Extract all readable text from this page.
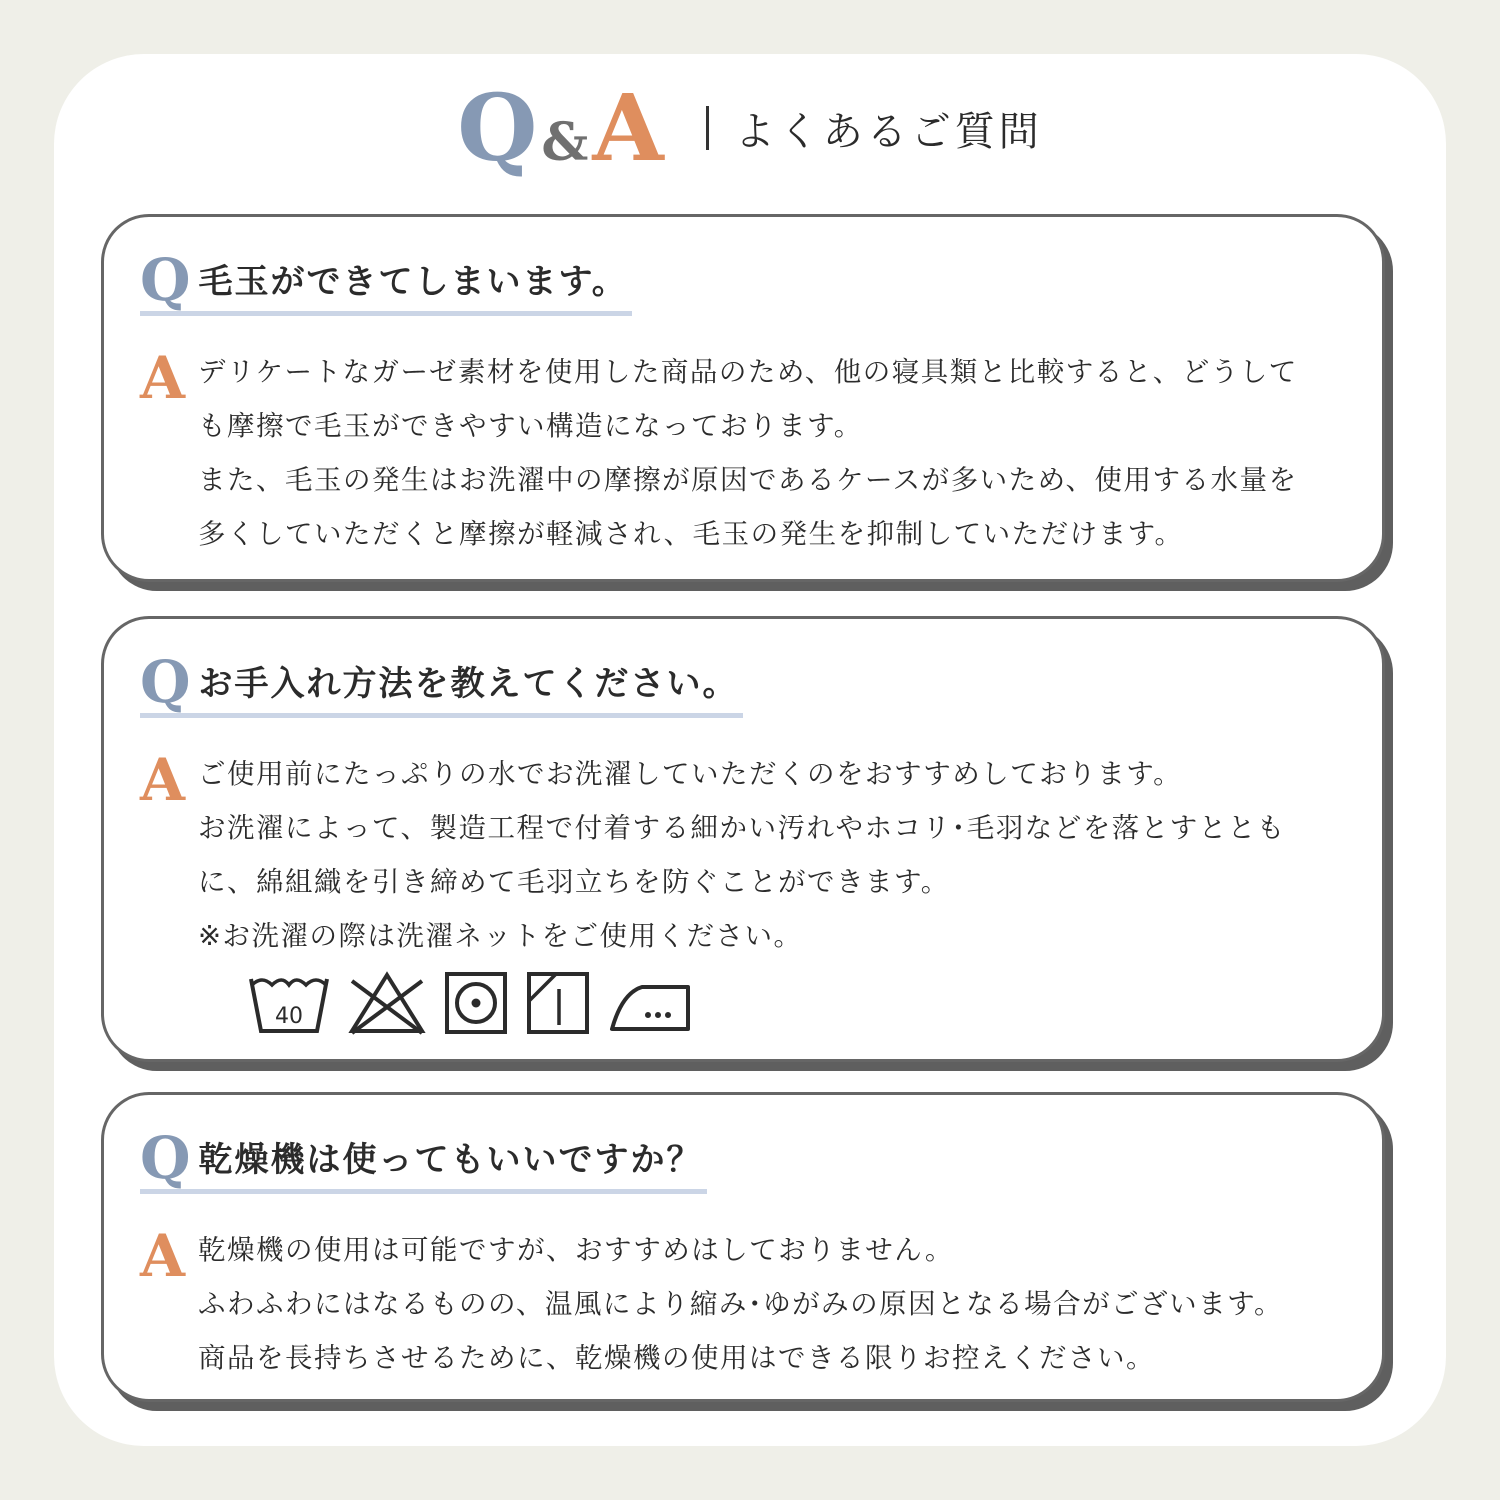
Q & A よくあるご質問
Q 毛玉ができてしまいます。
A デリケートなガーゼ素材を使用した商品のため、他の寝具類と比較すると、どうして
も摩擦で毛玉ができやすい構造になっております。
また、毛玉の発生はお洗濯中の摩擦が原因であるケースが多いため、使用する水量を
多くしていただくと摩擦が軽減され、毛玉の発生を抑制していただけます。
Q お手入れ方法を教えてください。
A ご使用前にたっぷりの水でお洗濯していただくのをおすすめしております。
お洗濯によって、製造工程で付着する細かい汚れやホコリ･毛羽などを落とすととも
に、綿組織を引き締めて毛羽立ちを防ぐことができます。
※お洗濯の際は洗濯ネットをご使用ください。
40
Q 乾燥機は使ってもいいですか？
A 乾燥機の使用は可能ですが、おすすめはしておりません。
ふわふわにはなるものの、温風により縮み･ゆがみの原因となる場合がございます。
商品を長持ちさせるために、乾燥機の使用はできる限りお控えください。
